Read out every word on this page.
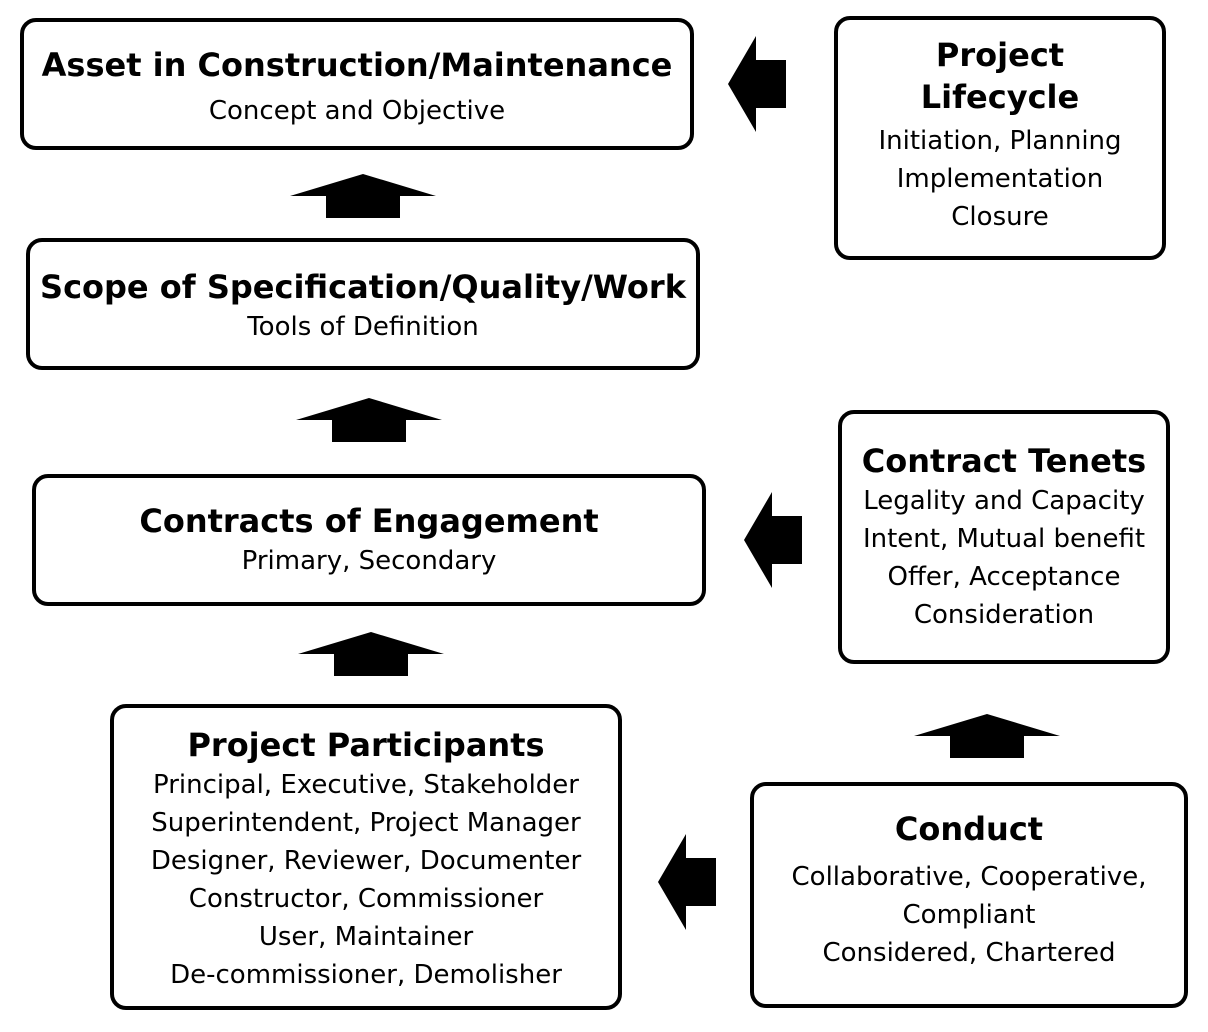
Asset in Construction/Maintenance
Concept and Objective
Project
Lifecycle
Initiation, Planning
Implementation
Closure
Scope of Specification/Quality/Work
Tools of Definition
Contracts of Engagement
Primary, Secondary
Contract Tenets
Legality and Capacity
Intent, Mutual benefit
Offer, Acceptance
Consideration
Project Participants
Principal, Executive, Stakeholder
Superintendent, Project Manager
Designer, Reviewer, Documenter
Constructor, Commissioner
User, Maintainer
De-commissioner, Demolisher
Conduct
Collaborative, Cooperative,
Compliant
Considered, Chartered
